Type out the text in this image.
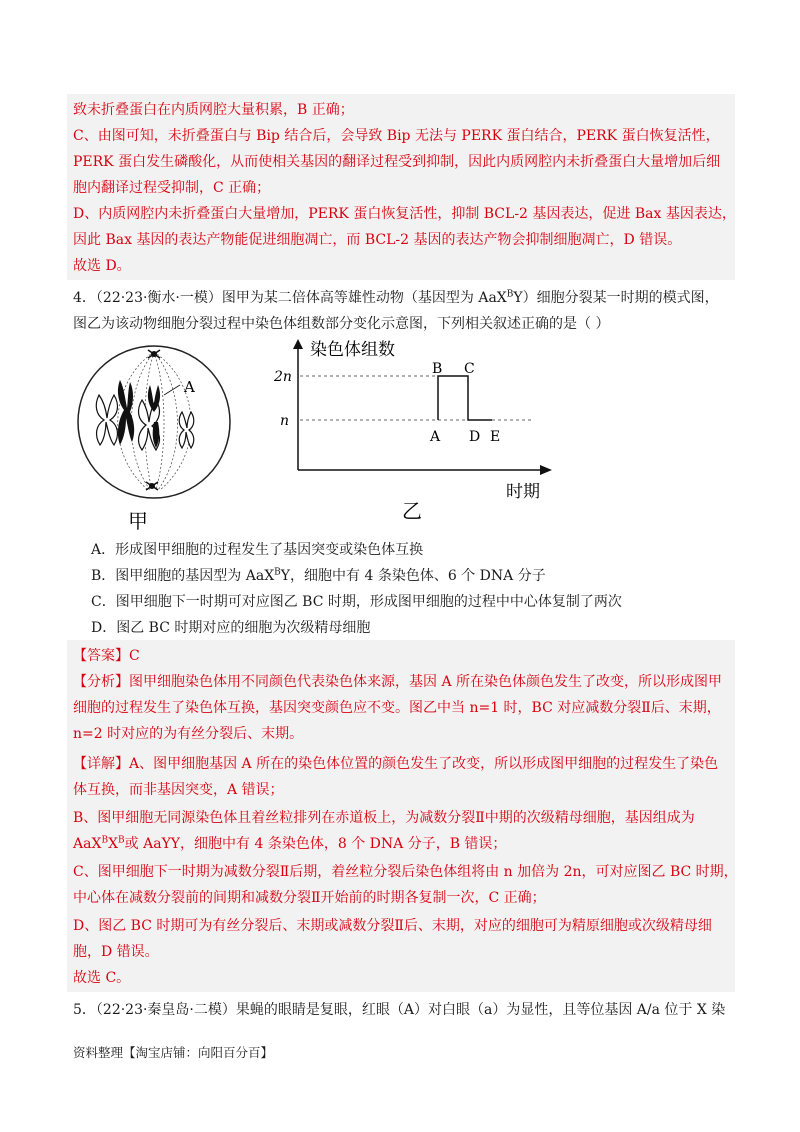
致未折叠蛋白在内质网腔大量积累，B 正确；
C、由图可知，未折叠蛋白与 Bip 结合后，会导致 Bip 无法与 PERK 蛋白结合，PERK 蛋白恢复活性，
PERK 蛋白发生磷酸化，从而使相关基因的翻译过程受到抑制，因此内质网腔内未折叠蛋白大量增加后细
胞内翻译过程受抑制，C 正确；
D、内质网腔内未折叠蛋白大量增加，PERK 蛋白恢复活性，抑制 BCL-2 基因表达，促进 Bax 基因表达，
因此 Bax 基因的表达产物能促进细胞凋亡，而 BCL-2 基因的表达产物会抑制细胞凋亡，D 错误。
故选 D。
4．（22·23·衡水·一模）图甲为某二倍体高等雄性动物（基因型为 AaX$^B$Y）细胞分裂某一时期的模式图，
图乙为该动物细胞分裂过程中染色体组数部分变化示意图，下列相关叙述正确的是（ ）
A
甲
染色体组数
时期
2n
n
B C
A D E
乙
A．形成图甲细胞的过程发生了基因突变或染色体互换
B．图甲细胞的基因型为 AaX$^B$Y，细胞中有 4 条染色体、6 个 DNA 分子
C．图甲细胞下一时期可对应图乙 BC 时期，形成图甲细胞的过程中中心体复制了两次
D．图乙 BC 时期对应的细胞为次级精母细胞
【答案】C
【分析】图甲细胞染色体用不同颜色代表染色体来源，基因 A 所在染色体颜色发生了改变，所以形成图甲
细胞的过程发生了染色体互换，基因突变颜色应不变。图乙中当 n=1 时，BC 对应减数分裂Ⅱ后、末期，
n=2 时对应的为有丝分裂后、末期。
【详解】A、图甲细胞基因 A 所在的染色体位置的颜色发生了改变，所以形成图甲细胞的过程发生了染色
体互换，而非基因突变，A 错误；
B、图甲细胞无同源染色体且着丝粒排列在赤道板上，为减数分裂Ⅱ中期的次级精母细胞，基因组成为
$AaX^BX^B$或 AaYY，细胞中有 4 条染色体，8 个 DNA 分子，B 错误；
C、图甲细胞下一时期为减数分裂Ⅱ后期，着丝粒分裂后染色体组将由 n 加倍为 2n，可对应图乙 BC 时期，
中心体在减数分裂前的间期和减数分裂Ⅱ开始前的时期各复制一次，C 正确；
D、图乙 BC 时期可为有丝分裂后、末期或减数分裂Ⅱ后、末期，对应的细胞可为精原细胞或次级精母细
胞，D 错误。
故选 C。
5．（22·23·秦皇岛·二模）果蝇的眼睛是复眼，红眼（A）对白眼（a）为显性，且等位基因 A/a 位于 X 染
资料整理【淘宝店铺：向阳百分百】
